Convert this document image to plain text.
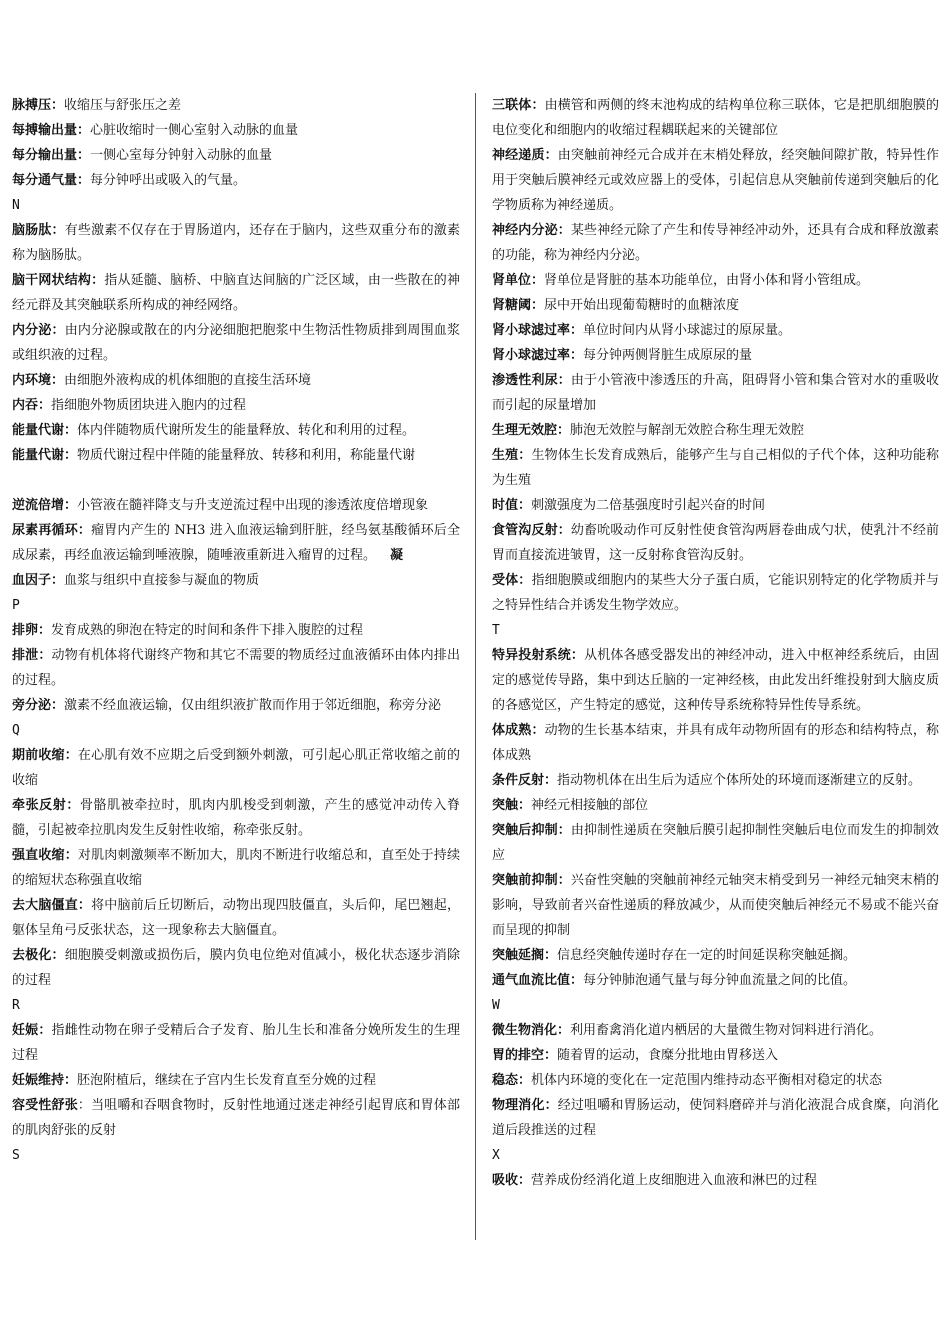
脉搏压：收缩压与舒张压之差

每搏输出量：心脏收缩时一侧心室射入动脉的血量

每分输出量：一侧心室每分钟射入动脉的血量

每分通气量：每分钟呼出或吸入的气量。

N

脑肠肽：有些激素不仅存在于胃肠道内，还存在于脑内，这些双重分布的激素称为脑肠肽。

脑干网状结构：指从延髓、脑桥、中脑直达间脑的广泛区域，由一些散在的神经元群及其突触联系所构成的神经网络。

内分泌：由内分泌腺或散在的内分泌细胞把胞浆中生物活性物质排到周围血浆或组织液的过程。

内环境：由细胞外液构成的机体细胞的直接生活环境

内吞：指细胞外物质团块进入胞内的过程

能量代谢：体内伴随物质代谢所发生的能量释放、转化和利用的过程。

能量代谢：物质代谢过程中伴随的能量释放、转移和利用，称能量代谢

逆流倍增：小管液在髓袢降支与升支逆流过程中出现的渗透浓度倍增现象

尿素再循环：瘤胃内产生的 NH3 进入血液运输到肝脏，经鸟氨基酸循环后全成尿素，再经血液运输到唾液腺，随唾液重新进入瘤胃的过程。 凝

血因子：血浆与组织中直接参与凝血的物质

P

排卵：发育成熟的卵泡在特定的时间和条件下排入腹腔的过程

排泄：动物有机体将代谢终产物和其它不需要的物质经过血液循环由体内排出的过程。

旁分泌：激素不经血液运输，仅由组织液扩散而作用于邻近细胞，称旁分泌

Q

期前收缩：在心肌有效不应期之后受到额外刺激，可引起心肌正常收缩之前的收缩

牵张反射：骨骼肌被牵拉时，肌肉内肌梭受到刺激，产生的感觉冲动传入脊髓，引起被牵拉肌肉发生反射性收缩，称牵张反射。

强直收缩：对肌肉刺激频率不断加大，肌肉不断进行收缩总和，直至处于持续的缩短状态称强直收缩

去大脑僵直：将中脑前后丘切断后，动物出现四肢僵直，头后仰，尾巴翘起，躯体呈角弓反张状态，这一现象称去大脑僵直。

去极化：细胞膜受刺激或损伤后，膜内负电位绝对值减小，极化状态逐步消除的过程

R

妊娠：指雌性动物在卵子受精后合子发育、胎儿生长和准备分娩所发生的生理过程

妊娠维持：胚泡附植后，继续在子宫内生长发育直至分娩的过程

容受性舒张：当咀嚼和吞咽食物时，反射性地通过迷走神经引起胃底和胃体部的肌肉舒张的反射

S

三联体：由横管和两侧的终末池构成的结构单位称三联体，它是把肌细胞膜的电位变化和细胞内的收缩过程耦联起来的关键部位

神经递质：由突触前神经元合成并在末梢处释放，经突触间隙扩散，特异性作用于突触后膜神经元或效应器上的受体，引起信息从突触前传递到突触后的化学物质称为神经递质。

神经内分泌：某些神经元除了产生和传导神经冲动外，还具有合成和释放激素的功能，称为神经内分泌。

肾单位：肾单位是肾脏的基本功能单位，由肾小体和肾小管组成。

肾糖阈：尿中开始出现葡萄糖时的血糖浓度

肾小球滤过率：单位时间内从肾小球滤过的原尿量。

肾小球滤过率：每分钟两侧肾脏生成原尿的量

渗透性利尿：由于小管液中渗透压的升高，阻碍肾小管和集合管对水的重吸收而引起的尿量增加

生理无效腔：肺泡无效腔与解剖无效腔合称生理无效腔

生殖：生物体生长发育成熟后，能够产生与自己相似的子代个体，这种功能称为生殖

时值：刺激强度为二倍基强度时引起兴奋的时间

食管沟反射：幼畜吮吸动作可反射性使食管沟两唇卷曲成勺状，使乳汁不经前胃而直接流进皱胃，这一反射称食管沟反射。

受体：指细胞膜或细胞内的某些大分子蛋白质，它能识别特定的化学物质并与之特异性结合并诱发生物学效应。

T

特异投射系统：从机体各感受器发出的神经冲动，进入中枢神经系统后，由固定的感觉传导路，集中到达丘脑的一定神经核，由此发出纤维投射到大脑皮质的各感觉区，产生特定的感觉，这种传导系统称特异性传导系统。

体成熟：动物的生长基本结束，并具有成年动物所固有的形态和结构特点，称体成熟

条件反射：指动物机体在出生后为适应个体所处的环境而逐渐建立的反射。

突触：神经元相接触的部位

突触后抑制：由抑制性递质在突触后膜引起抑制性突触后电位而发生的抑制效应

突触前抑制：兴奋性突触的突触前神经元轴突末梢受到另一神经元轴突末梢的影响，导致前者兴奋性递质的释放减少，从而使突触后神经元不易或不能兴奋而呈现的抑制

突触延搁：信息经突触传递时存在一定的时间延误称突触延搁。

通气血流比值：每分钟肺泡通气量与每分钟血流量之间的比值。

W

微生物消化：利用畜禽消化道内栖居的大量微生物对饲料进行消化。

胃的排空：随着胃的运动，食糜分批地由胃移送入

稳态：机体内环境的变化在一定范围内维持动态平衡相对稳定的状态

物理消化：经过咀嚼和胃肠运动，使饲料磨碎并与消化液混合成食糜，向消化道后段推送的过程

X

吸收：营养成份经消化道上皮细胞进入血液和淋巴的过程
